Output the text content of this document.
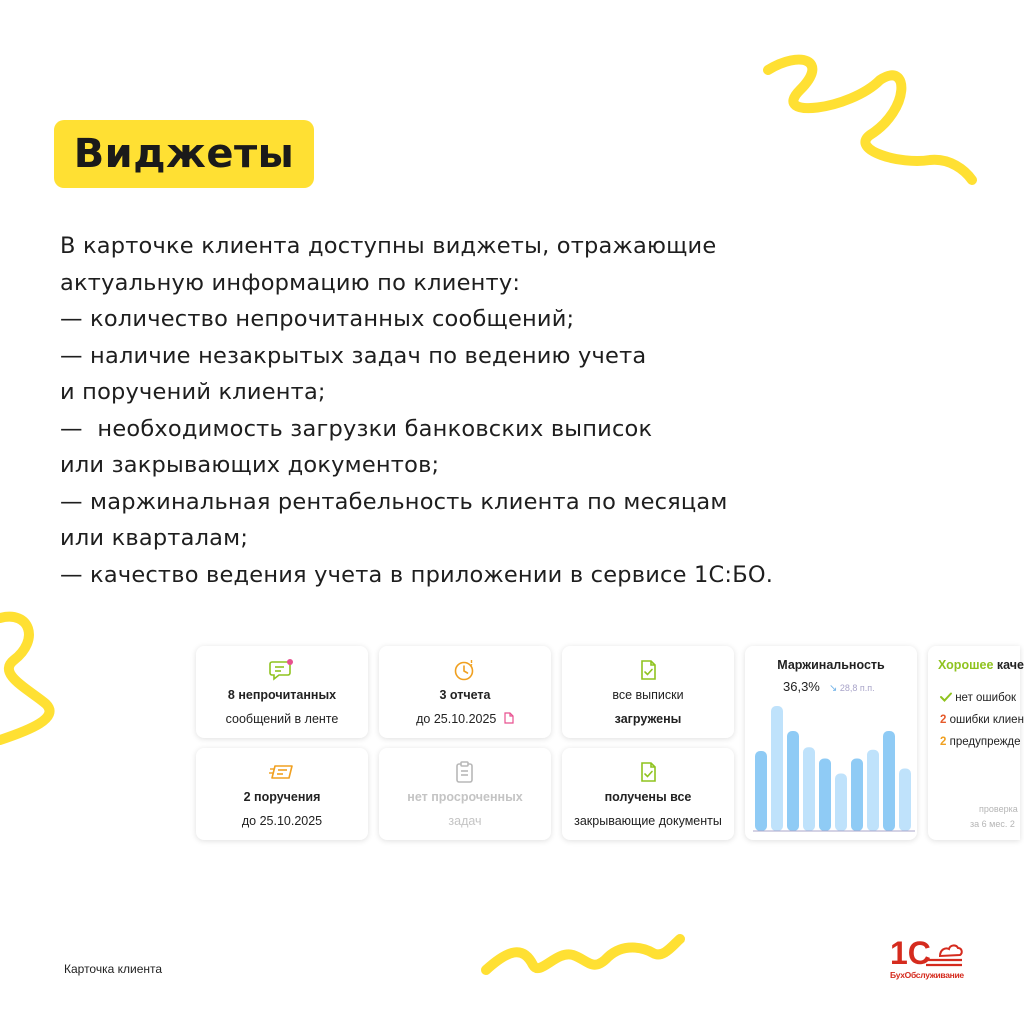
Виджеты

В карточке клиента доступны виджеты, отражающие

актуальную информацию по клиенту:

— количество непрочитанных сообщений;

— наличие незакрытых задач по ведению учета

и поручений клиента;

—  необходимость загрузки банковских выписок

или закрывающих документов;

— маржинальная рентабельность клиента по месяцам

или кварталам;

— качество ведения учета в приложении в сервисе 1С:БО.

8 непрочитанных
сообщений в ленте
3 отчета
до 25.10.2025
все выписки
загружены
2 поручения
до 25.10.2025
нет просроченных
задач
получены все
закрывающие документы
Маржинальность
36,3% ↘ 28,8 п.п.
Хорошее каче
нет ошибок
2 ошибки клиен
2 предупрежде
проверка
за 6 мес. 2
Карточка клиента	1С
БухОбслуживание
